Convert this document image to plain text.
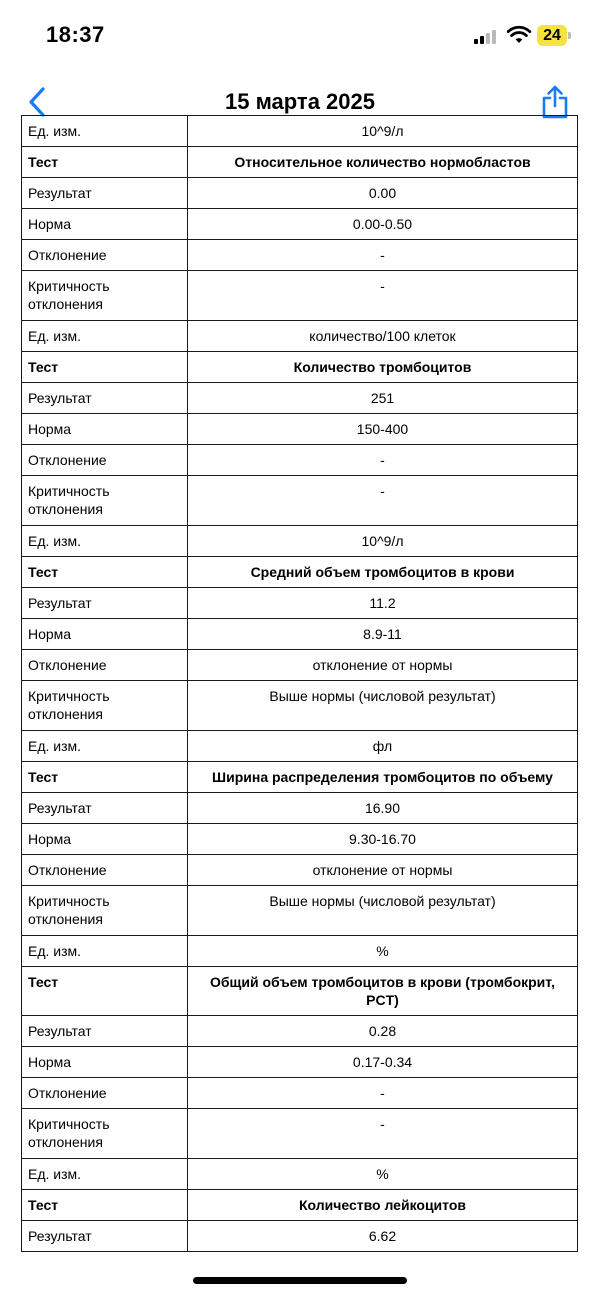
18:37	24
15 марта 2025
Ед. изм.	10^9/л
Тест	Относительное количество нормобластов
Результат	0.00
Норма	0.00-0.50
Отклонение	-
Критичность отклонения	-
Ед. изм.	количество/100 клеток
Тест	Количество тромбоцитов
Результат	251
Норма	150-400
Отклонение	-
Критичность отклонения	-
Ед. изм.	10^9/л
Тест	Средний объем тромбоцитов в крови
Результат	11.2
Норма	8.9-11
Отклонение	отклонение от нормы
Критичность отклонения	Выше нормы (числовой результат)
Ед. изм.	фл
Тест	Ширина распределения тромбоцитов по объему
Результат	16.90
Норма	9.30-16.70
Отклонение	отклонение от нормы
Критичность отклонения	Выше нормы (числовой результат)
Ед. изм.	%
Тест	Общий объем тромбоцитов в крови (тромбокрит, PCT)
Результат	0.28
Норма	0.17-0.34
Отклонение	-
Критичность отклонения	-
Ед. изм.	%
Тест	Количество лейкоцитов
Результат	6.62
